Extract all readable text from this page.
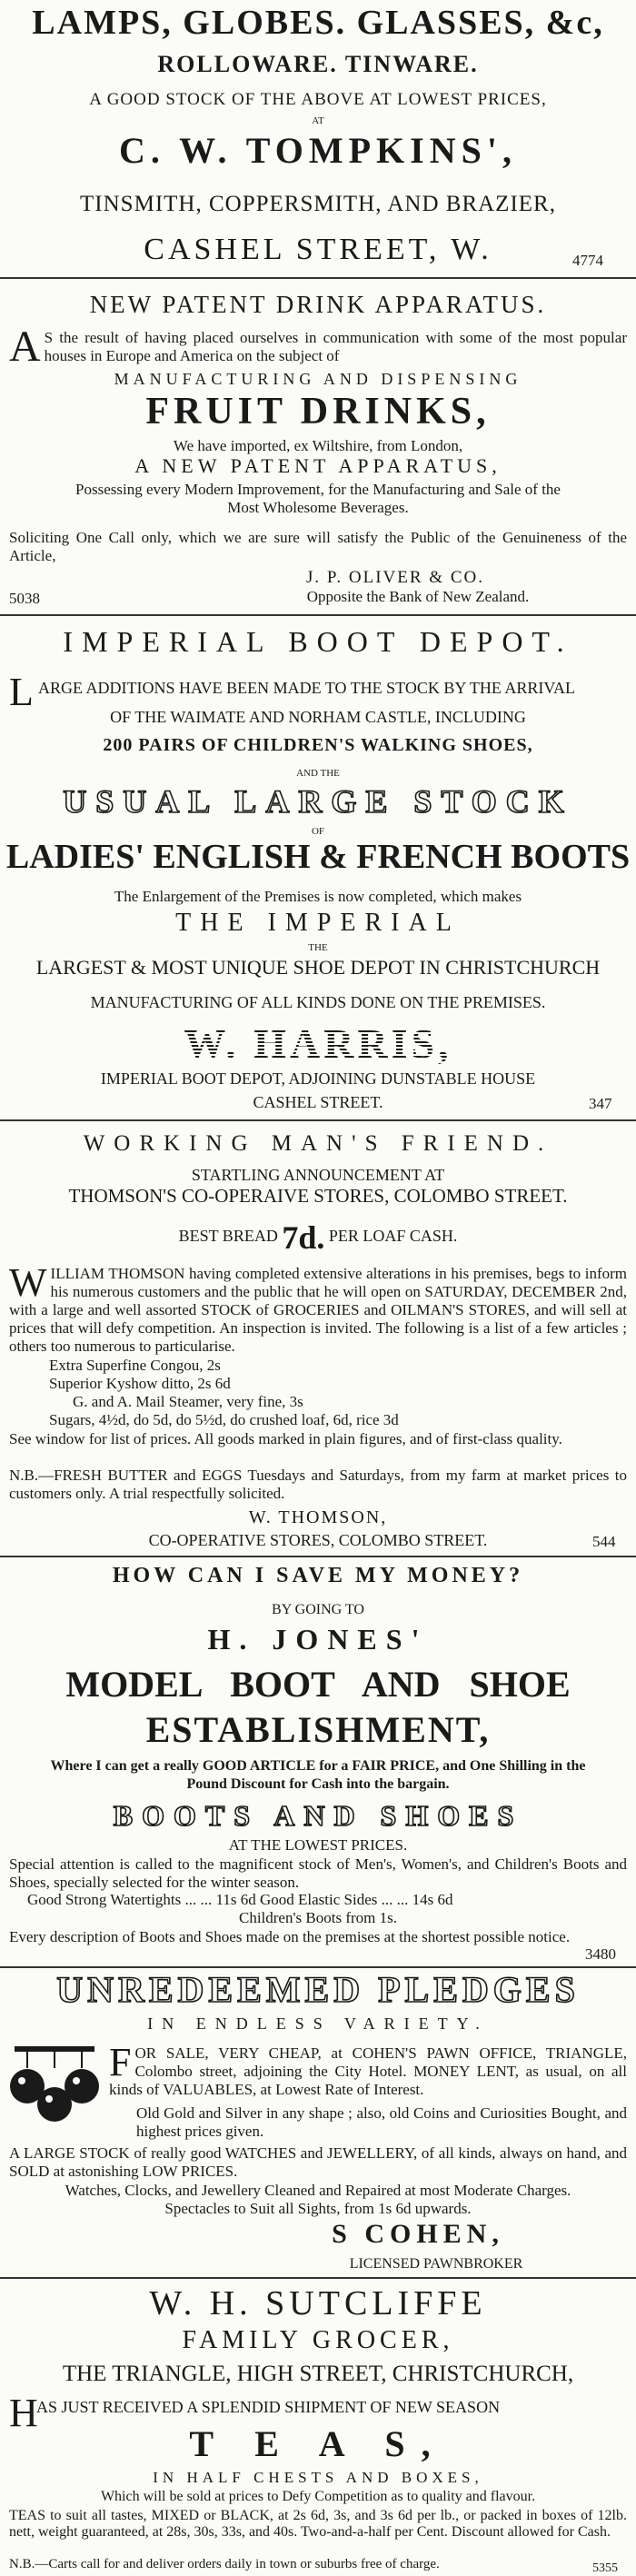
LAMPS, GLOBES. GLASSES, &c,
ROLLOWARE. TINWARE.
A GOOD STOCK OF THE ABOVE AT LOWEST PRICES,
AT
C. W. TOMPKINS',
TINSMITH, COPPERSMITH, AND BRAZIER,
CASHEL STREET, W.	4774
NEW PATENT DRINK APPARATUS.
A S the result of having placed ourselves in communication with some of the most popular houses in Europe and America on the subject of
MANUFACTURING AND DISPENSING
FRUIT DRINKS,
We have imported, ex Wiltshire, from London,
A NEW PATENT APPARATUS,
Possessing every Modern Improvement, for the Manufacturing and Sale of the
Most Wholesome Beverages.
Soliciting One Call only, which we are sure will satisfy the Public of the Genuineness of the Article,
J. P. OLIVER & CO.
Opposite the Bank of New Zealand.
5038
IMPERIAL BOOT DEPOT.
L ARGE ADDITIONS HAVE BEEN MADE TO THE STOCK BY THE ARRIVAL
OF THE WAIMATE AND NORHAM CASTLE, INCLUDING
200 PAIRS OF CHILDREN'S WALKING SHOES,
AND THE
USUAL LARGE STOCK
OF
LADIES' ENGLISH & FRENCH BOOTS
The Enlargement of the Premises is now completed, which makes
THE IMPERIAL
THE
LARGEST & MOST UNIQUE SHOE DEPOT IN CHRISTCHURCH
MANUFACTURING OF ALL KINDS DONE ON THE PREMISES.
W. HARRIS,
IMPERIAL BOOT DEPOT, ADJOINING DUNSTABLE HOUSE
CASHEL STREET.	347
WORKING MAN'S FRIEND.
STARTLING ANNOUNCEMENT AT
THOMSON'S CO-OPERAIVE STORES, COLOMBO STREET.
BEST BREAD 7d. PER LOAF CASH.
WILLIAM THOMSON having completed extensive alterations in his premises, begs to inform his numerous customers and the public that he will open on SATURDAY, DECEMBER 2nd, with a large and well assorted STOCK of GROCERIES and OILMAN'S STORES, and will sell at prices that will defy competition. An inspection is invited. The following is a list of a few articles ; others too numerous to particularise.
Extra Superfine Congou, 2s
Superior Kyshow ditto, 2s 6d
G. and A. Mail Steamer, very fine, 3s
Sugars, 4½d, do 5d, do 5½d, do crushed loaf, 6d, rice 3d
See window for list of prices. All goods marked in plain figures, and of first-class quality.
N.B.—FRESH BUTTER and EGGS Tuesdays and Saturdays, from my farm at market prices to customers only. A trial respectfully solicited.
W. THOMSON,
CO-OPERATIVE STORES, COLOMBO STREET.	544
HOW CAN I SAVE MY MONEY?
BY GOING TO
H. JONES'
MODEL BOOT AND SHOE
ESTABLISHMENT,
Where I can get a really GOOD ARTICLE for a FAIR PRICE, and One Shilling in the
Pound Discount for Cash into the bargain.
BOOTS AND SHOES
AT THE LOWEST PRICES.
Special attention is called to the magnificent stock of Men's, Women's, and Children's Boots and Shoes, specially selected for the winter season.
Good Strong Watertights ... ... 11s 6d Good Elastic Sides ... ... 14s 6d
Children's Boots from 1s.
Every description of Boots and Shoes made on the premises at the shortest possible notice.
3480
UNREDEEMED PLEDGES
IN ENDLESS VARIETY.
FOR SALE, VERY CHEAP, at COHEN'S PAWN OFFICE, TRIANGLE, Colombo street, adjoining the City Hotel. MONEY LENT, as usual, on all kinds of VALUABLES, at Lowest Rate of Interest.
Old Gold and Silver in any shape ; also, old Coins and Curiosities Bought, and highest prices given.
A LARGE STOCK of really good WATCHES and JEWELLERY, of all kinds, always on hand, and SOLD at astonishing LOW PRICES.
Watches, Clocks, and Jewellery Cleaned and Repaired at most Moderate Charges.
Spectacles to Suit all Sights, from 1s 6d upwards.
S COHEN,
LICENSED PAWNBROKER
W. H. SUTCLIFFE
FAMILY GROCER,
THE TRIANGLE, HIGH STREET, CHRISTCHURCH,
H
AS JUST RECEIVED A SPLENDID SHIPMENT OF NEW SEASON
T E A S,
IN HALF CHESTS AND BOXES,
Which will be sold at prices to Defy Competition as to quality and flavour.
TEAS to suit all tastes, MIXED or BLACK, at 2s 6d, 3s, and 3s 6d per lb., or packed in boxes of 12lb. nett, weight guaranteed, at 28s, 30s, 33s, and 40s. Two-and-a-half per Cent. Discount allowed for Cash.
N.B.—Carts call for and deliver orders daily in town or suburbs free of charge.	5355
